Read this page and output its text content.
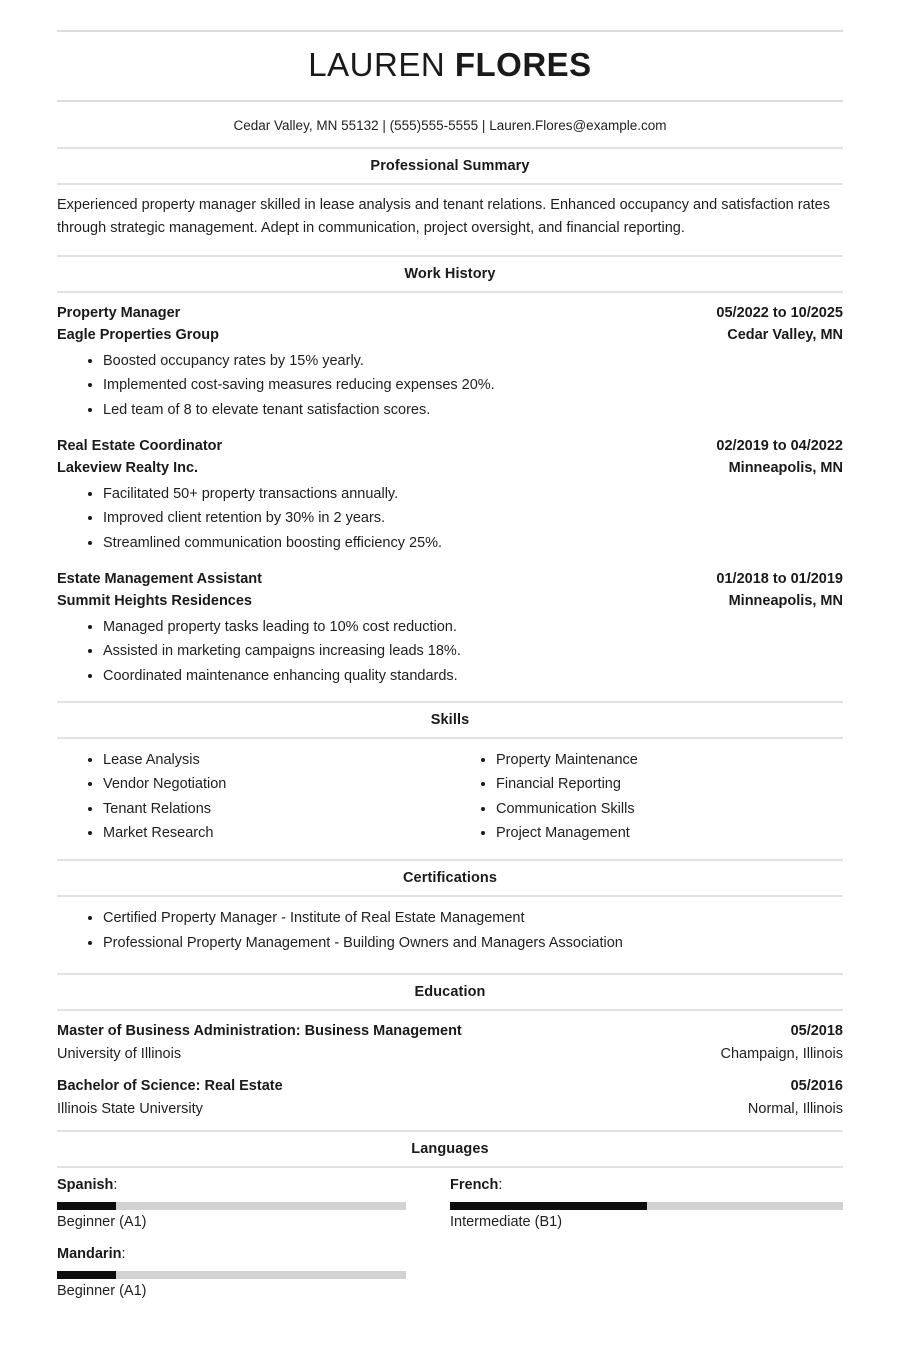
LAUREN FLORES
Cedar Valley, MN 55132 | (555)555-5555 | Lauren.Flores@example.com
Professional Summary
Experienced property manager skilled in lease analysis and tenant relations. Enhanced occupancy and satisfaction rates through strategic management. Adept in communication, project oversight, and financial reporting.
Work History
Property Manager	05/2022 to 10/2025
Eagle Properties Group	Cedar Valley, MN
Boosted occupancy rates by 15% yearly.
Implemented cost-saving measures reducing expenses 20%.
Led team of 8 to elevate tenant satisfaction scores.
Real Estate Coordinator	02/2019 to 04/2022
Lakeview Realty Inc.	Minneapolis, MN
Facilitated 50+ property transactions annually.
Improved client retention by 30% in 2 years.
Streamlined communication boosting efficiency 25%.
Estate Management Assistant	01/2018 to 01/2019
Summit Heights Residences	Minneapolis, MN
Managed property tasks leading to 10% cost reduction.
Assisted in marketing campaigns increasing leads 18%.
Coordinated maintenance enhancing quality standards.
Skills
Lease Analysis
Vendor Negotiation
Tenant Relations
Market Research
Property Maintenance
Financial Reporting
Communication Skills
Project Management
Certifications
Certified Property Manager - Institute of Real Estate Management
Professional Property Management - Building Owners and Managers Association
Education
Master of Business Administration: Business Management	05/2018
University of Illinois	Champaign, Illinois
Bachelor of Science: Real Estate	05/2016
Illinois State University	Normal, Illinois
Languages
Spanish:
Beginner (A1)
French:
Intermediate (B1)
Mandarin:
Beginner (A1)
